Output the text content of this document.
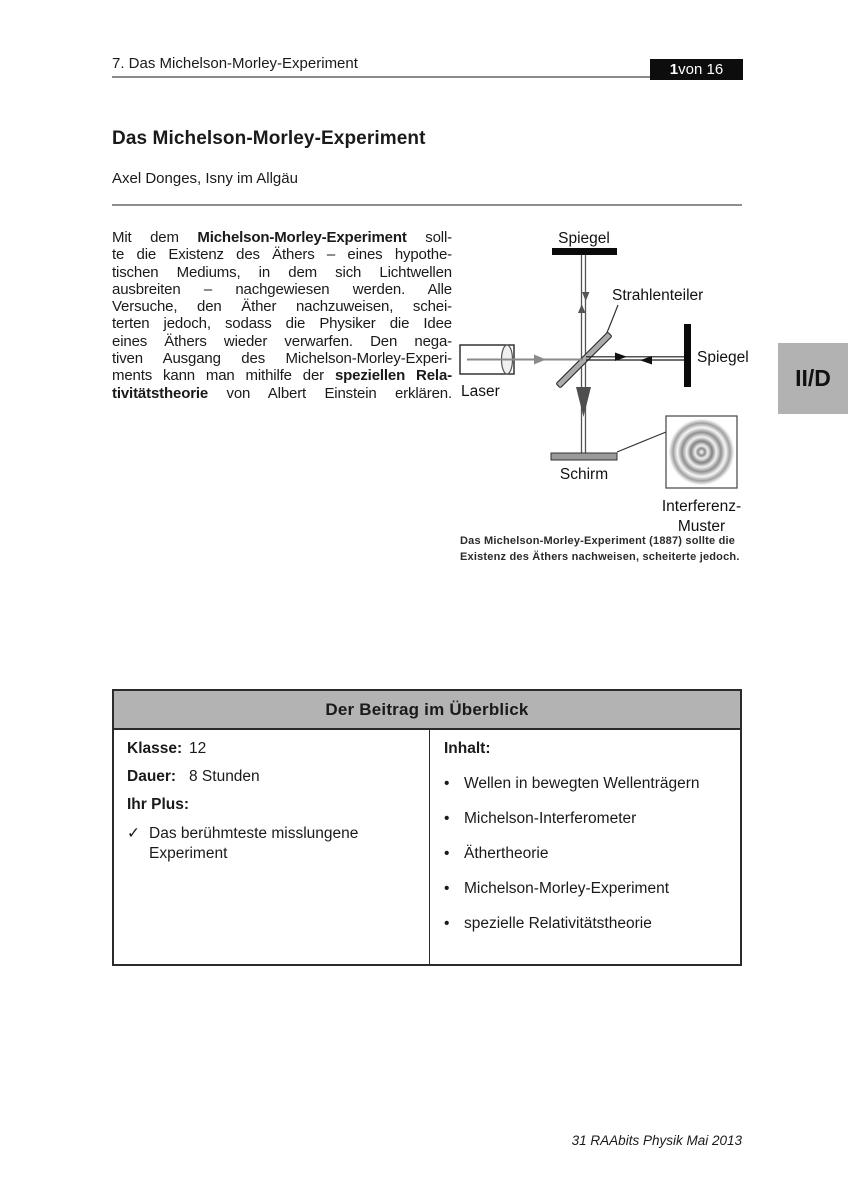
7. Das Michelson-Morley-Experiment	1 von 16
Das Michelson-Morley-Experiment
Axel Donges, Isny im Allgäu
Mit dem Michelson-Morley-Experiment soll-
te die Existenz des Äthers – eines hypothe-
tischen Mediums, in dem sich Lichtwellen
ausbreiten – nachgewiesen werden. Alle
Versuche, den Äther nachzuweisen, schei-
terten jedoch, sodass die Physiker die Idee
eines Äthers wieder verwarfen. Den nega-
tiven Ausgang des Michelson-Morley-Experi-
ments kann man mithilfe der speziellen Rela-
tivitätstheorie von Albert Einstein erklären.
Spiegel
Strahlenteiler
Laser
Spiegel
Schirm
Interferenz-
Muster
Das Michelson-Morley-Experiment (1887) sollte die
Existenz des Äthers nachweisen, scheiterte jedoch.
II/D
Der Beitrag im Überblick
Klasse: 12
Dauer: 8 Stunden
Ihr Plus:
✓ Das berühmteste misslungene Experiment
Inhalt:
• Wellen in bewegten Wellenträgern
• Michelson-Interferometer
• Äthertheorie
• Michelson-Morley-Experiment
• spezielle Relativitätstheorie
31 RAAbits Physik Mai 2013
